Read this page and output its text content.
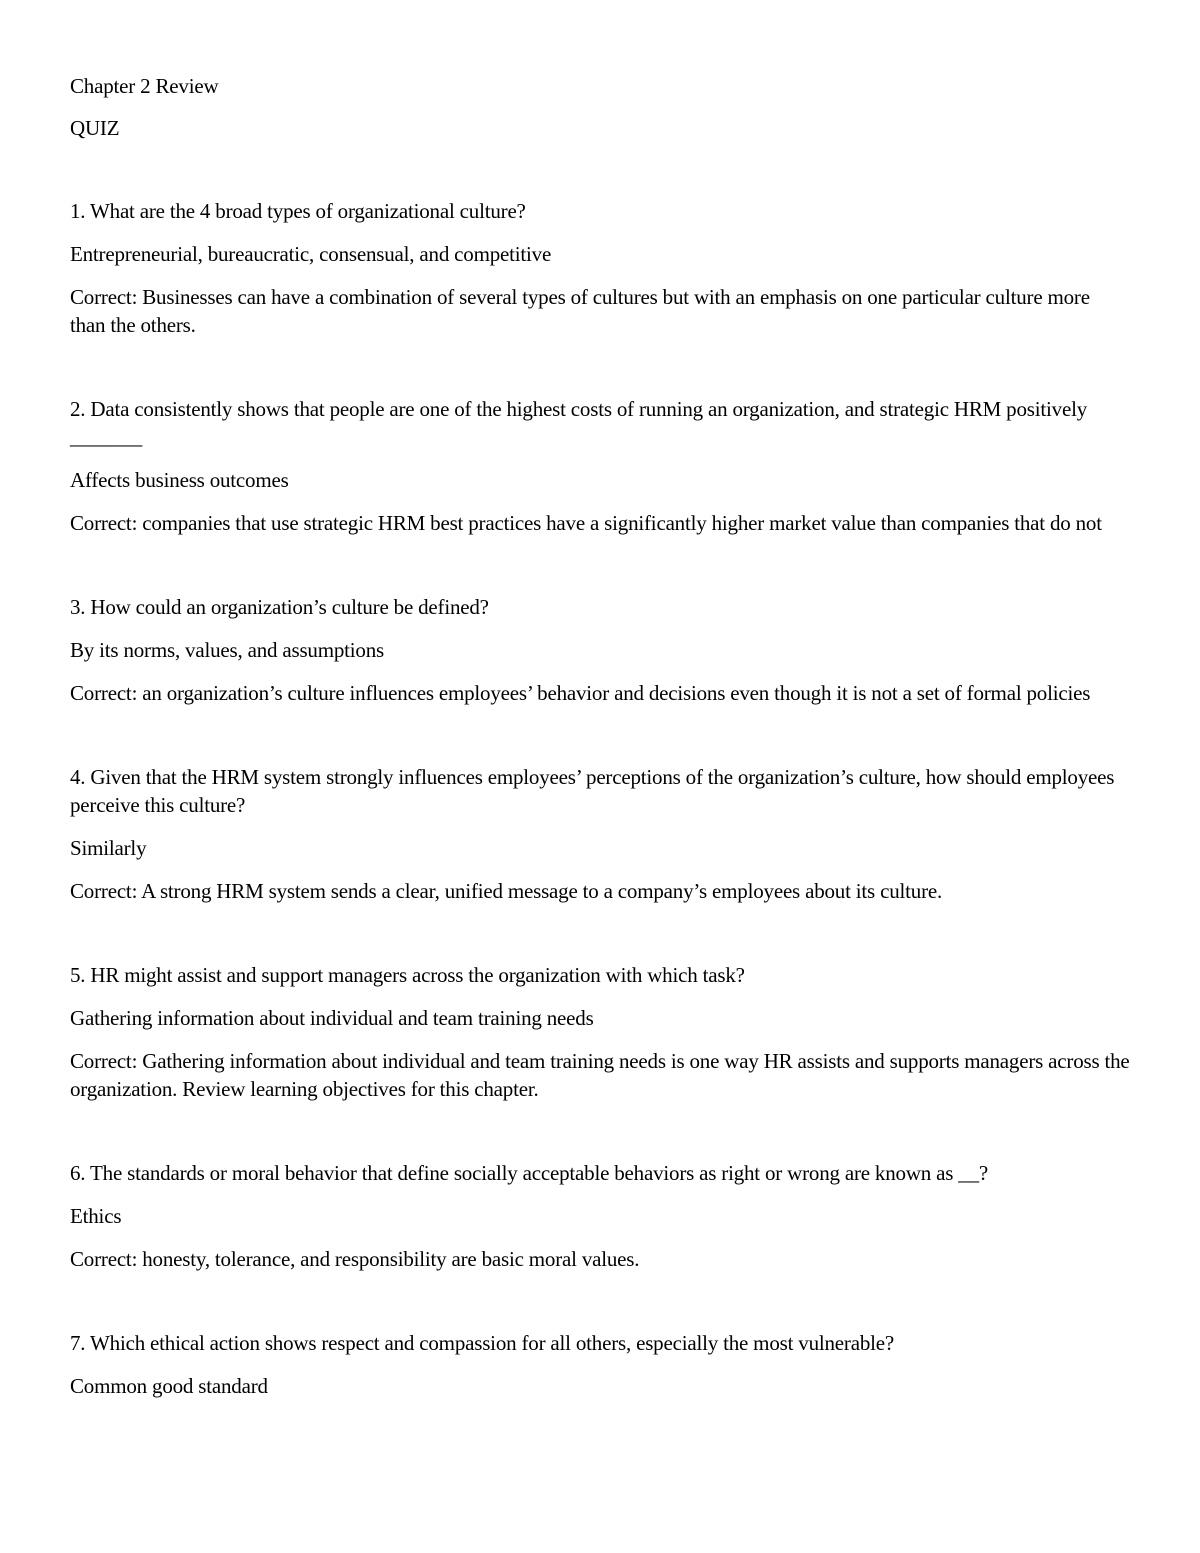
Chapter 2 Review

QUIZ

1. What are the 4 broad types of organizational culture?

Entrepreneurial, bureaucratic, consensual, and competitive

Correct: Businesses can have a combination of several types of cultures but with an emphasis on one particular culture more than the others.

2. Data consistently shows that people are one of the highest costs of running an organization, and strategic HRM positively _______

Affects business outcomes

Correct: companies that use strategic HRM best practices have a significantly higher market value than companies that do not

3. How could an organization’s culture be defined?

By its norms, values, and assumptions

Correct: an organization’s culture influences employees’ behavior and decisions even though it is not a set of formal policies

4. Given that the HRM system strongly influences employees’ perceptions of the organization’s culture, how should employees perceive this culture?

Similarly

Correct: A strong HRM system sends a clear, unified message to a company’s employees about its culture.

5. HR might assist and support managers across the organization with which task?

Gathering information about individual and team training needs

Correct: Gathering information about individual and team training needs is one way HR assists and supports managers across the organization. Review learning objectives for this chapter.

6. The standards or moral behavior that define socially acceptable behaviors as right or wrong are known as __?

Ethics

Correct: honesty, tolerance, and responsibility are basic moral values.

7. Which ethical action shows respect and compassion for all others, especially the most vulnerable?

Common good standard
